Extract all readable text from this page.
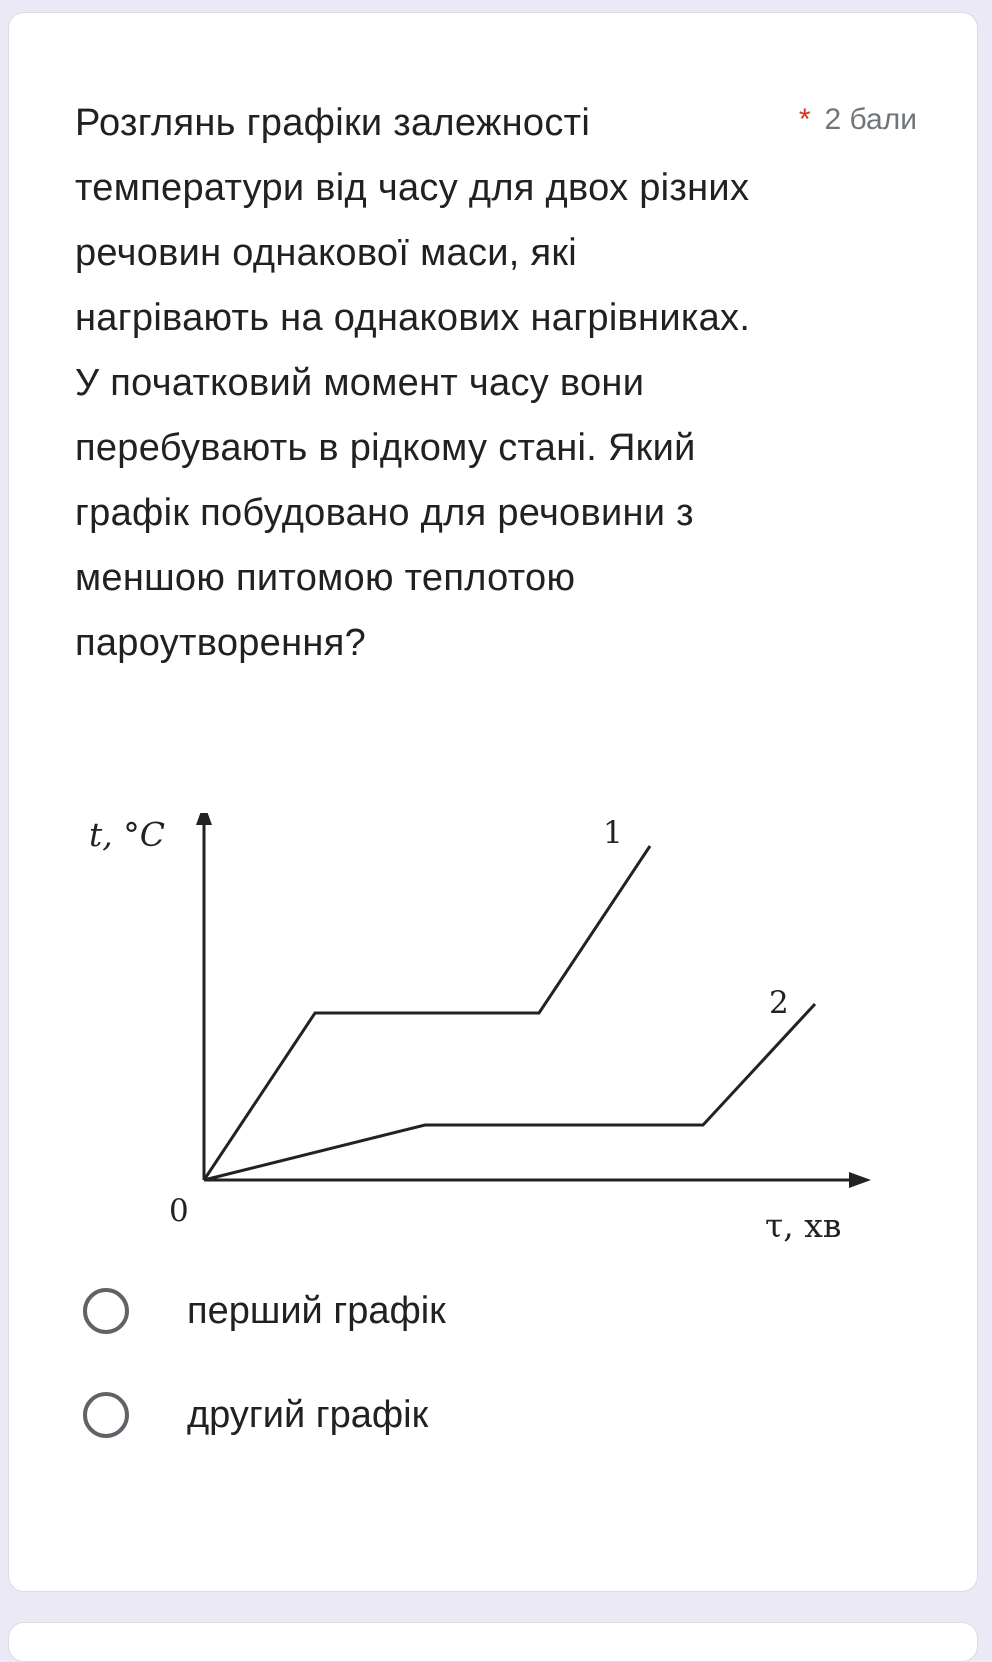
Розглянь графіки залежності температури від часу для двох різних речовин однакової маси, які нагрівають на однакових нагрівниках. У початковий момент часу вони перебувають в рідкому стані. Який графік побудовано для речовини з меншою питомою теплотою пароутворення?
* 2 бали
t, °C
τ, хв
0
1
2
перший графік
другий графік
